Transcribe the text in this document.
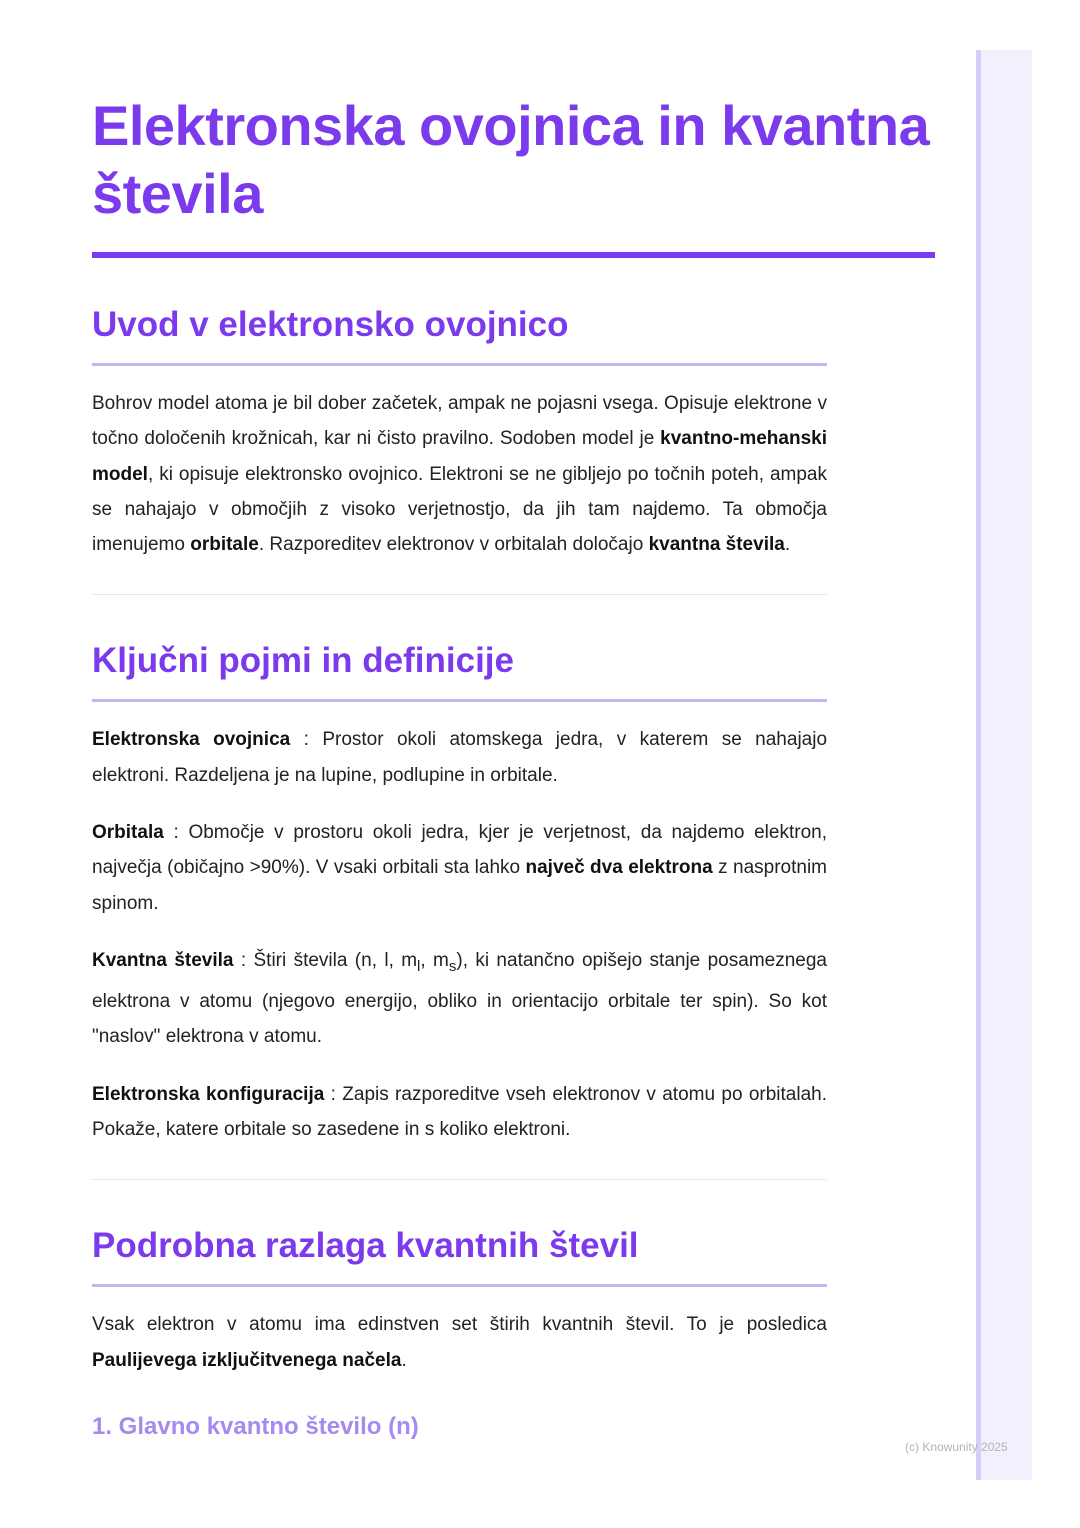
(c) Knowunity 2025
Elektronska ovojnica in kvantna števila
Uvod v elektronsko ovojnico

Bohrov model atoma je bil dober začetek, ampak ne pojasni vsega. Opisuje elektrone v točno določenih krožnicah, kar ni čisto pravilno. Sodoben model je kvantno-mehanski model, ki opisuje elektronsko ovojnico. Elektroni se ne gibljejo po točnih poteh, ampak se nahajajo v območjih z visoko verjetnostjo, da jih tam najdemo. Ta območja imenujemo orbitale. Razporeditev elektronov v orbitalah določajo kvantna števila.

Ključni pojmi in definicije

Elektronska ovojnica : Prostor okoli atomskega jedra, v katerem se nahajajo elektroni. Razdeljena je na lupine, podlupine in orbitale.

Orbitala : Območje v prostoru okoli jedra, kjer je verjetnost, da najdemo elektron, največja (običajno >90%). V vsaki orbitali sta lahko največ dva elektrona z nasprotnim spinom.

Kvantna števila : Štiri števila (n, l, $m_l$, $m_s$), ki natančno opišejo stanje posameznega elektrona v atomu (njegovo energijo, obliko in orientacijo orbitale ter spin). So kot "naslov" elektrona v atomu.

Elektronska konfiguracija : Zapis razporeditve vseh elektronov v atomu po orbitalah. Pokaže, katere orbitale so zasedene in s koliko elektroni.

Podrobna razlaga kvantnih števil

Vsak elektron v atomu ima edinstven set štirih kvantnih števil. To je posledica Paulijevega izključitvenega načela.

1. Glavno kvantno število (n)
